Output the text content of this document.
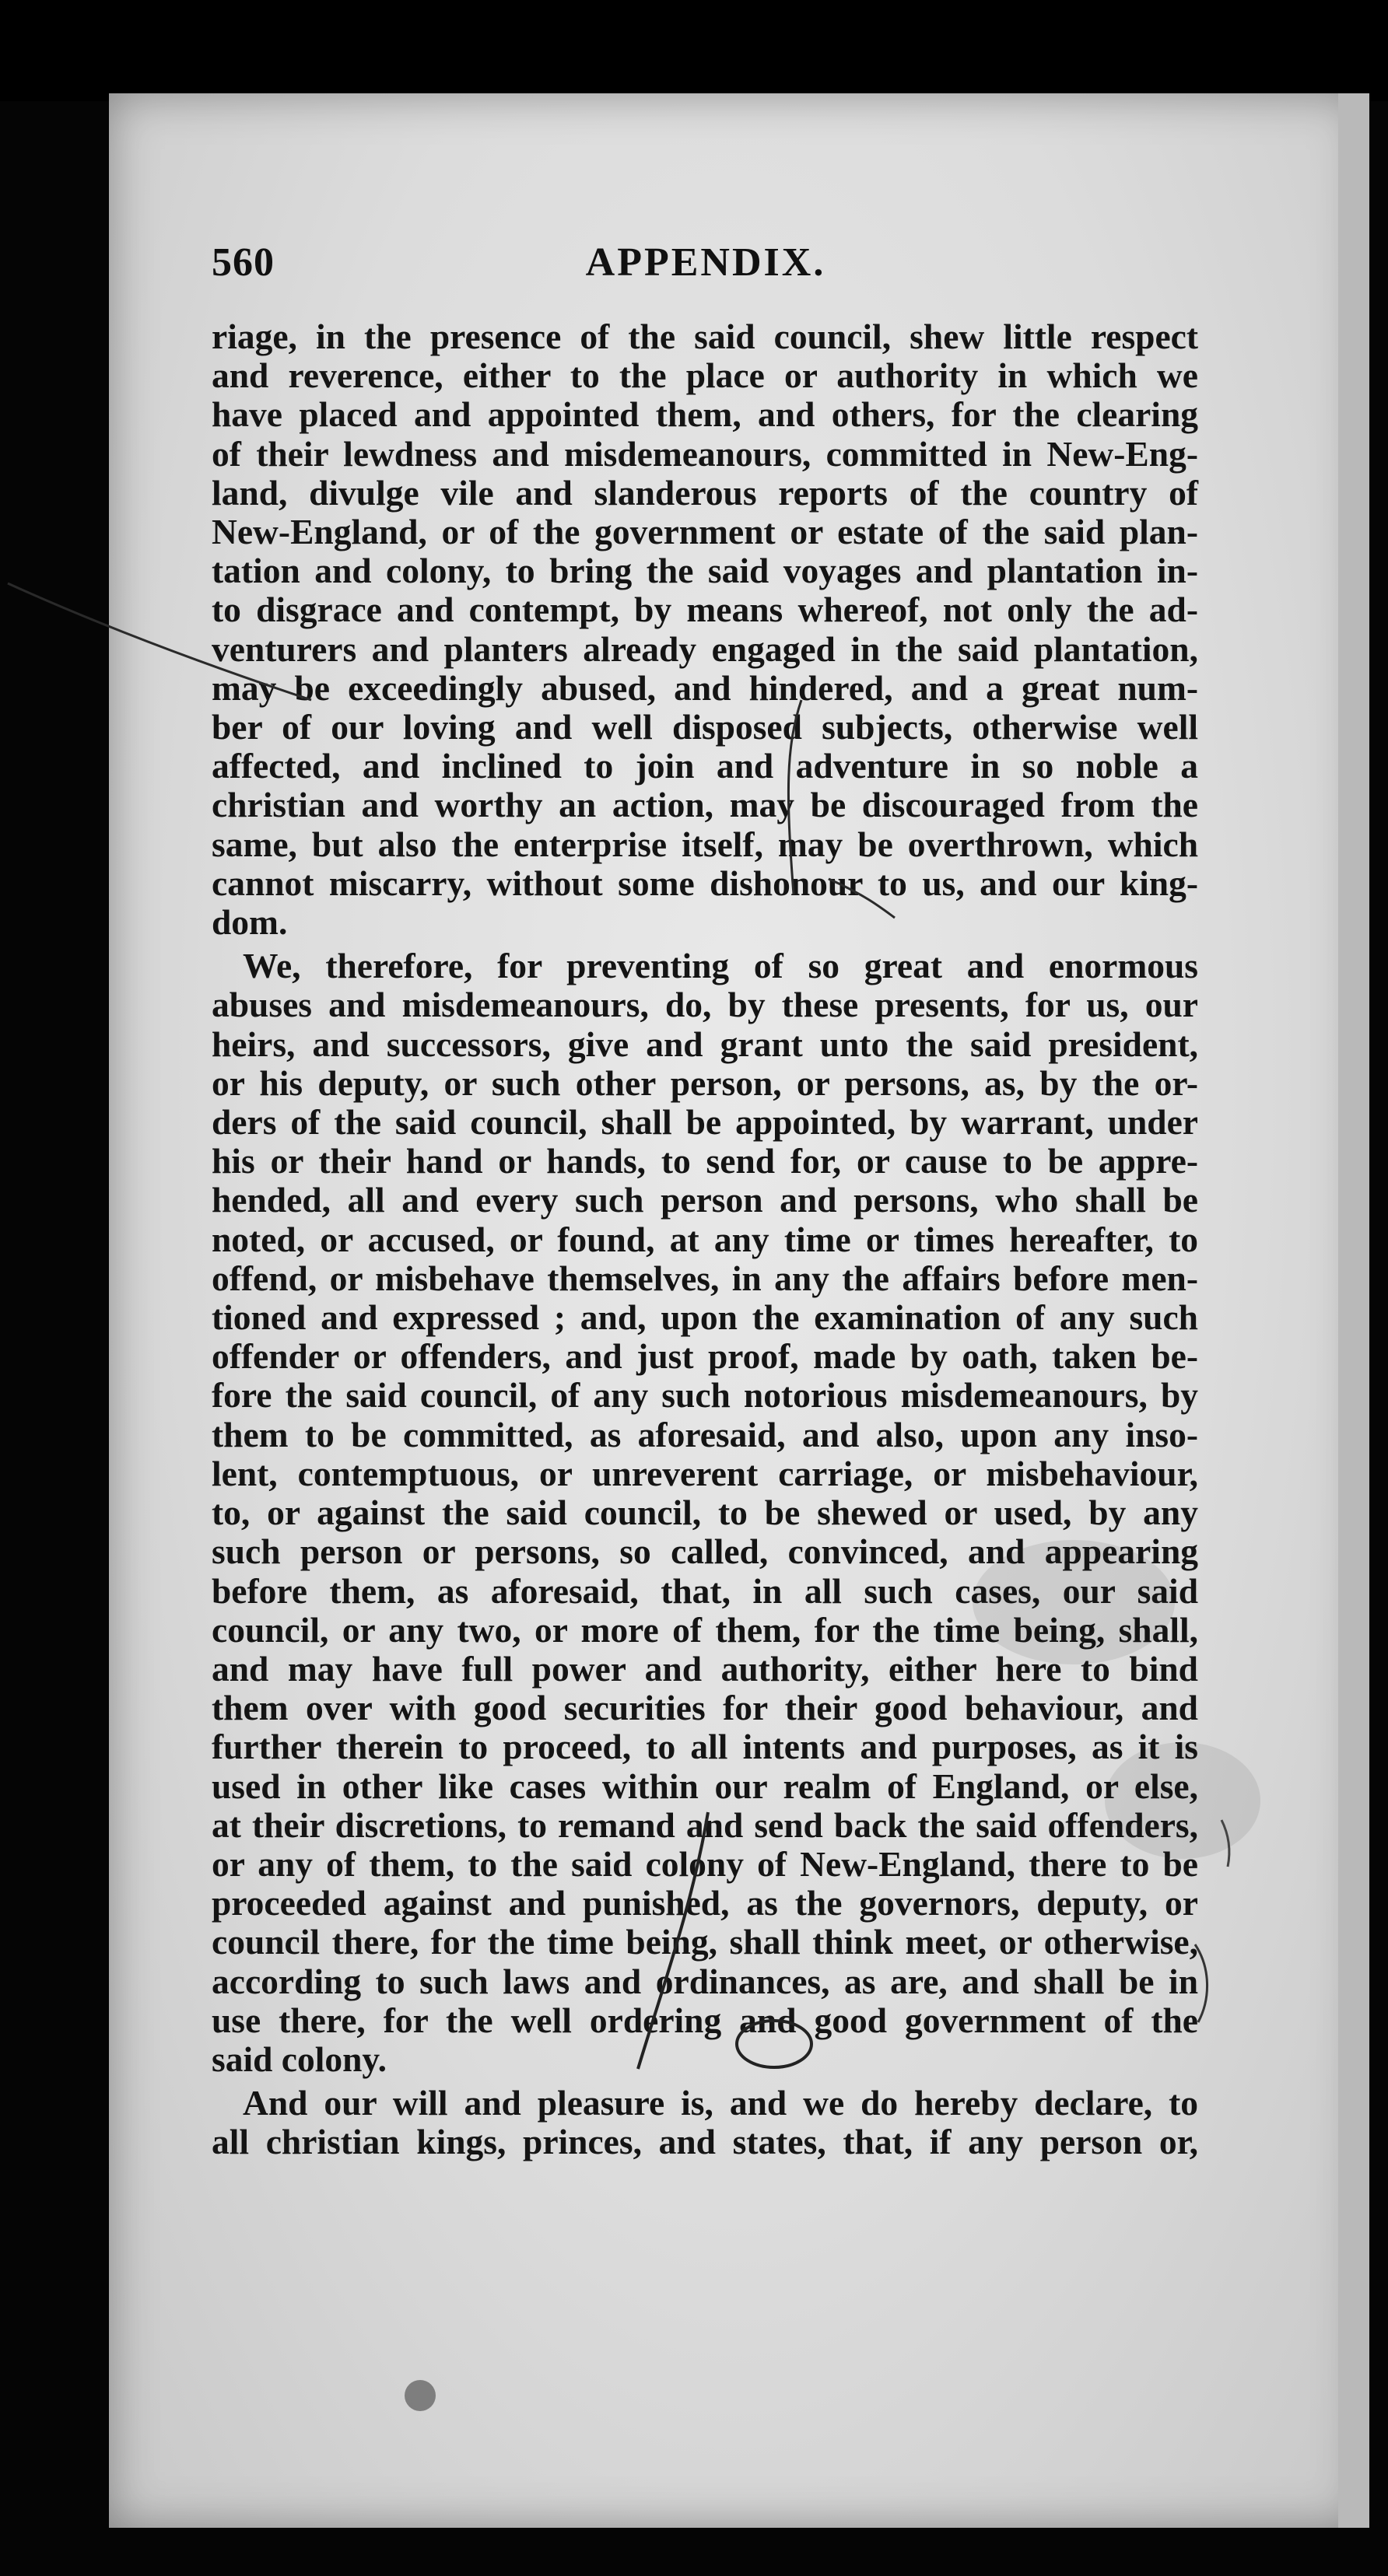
560	APPENDIX.

riage, in the presence of the said council, shew little respect
and reverence, either to the place or authority in which we
have placed and appointed them, and others, for the clearing
of their lewdness and misdemeanours, committed in New-Eng-
land, divulge vile and slanderous reports of the country of
New-England, or of the government or estate of the said plan-
tation and colony, to bring the said voyages and plantation in-
to disgrace and contempt, by means whereof, not only the ad-
venturers and planters already engaged in the said plantation,
may be exceedingly abused, and hindered, and a great num-
ber of our loving and well disposed subjects, otherwise well
affected, and inclined to join and adventure in so noble a
christian and worthy an action, may be discouraged from the
same, but also the enterprise itself, may be overthrown, which
cannot miscarry, without some dishonour to us, and our king-
dom.

We, therefore, for preventing of so great and enormous
abuses and misdemeanours, do, by these presents, for us, our
heirs, and successors, give and grant unto the said president,
or his deputy, or such other person, or persons, as, by the or-
ders of the said council, shall be appointed, by warrant, under
his or their hand or hands, to send for, or cause to be appre-
hended, all and every such person and persons, who shall be
noted, or accused, or found, at any time or times hereafter, to
offend, or misbehave themselves, in any the affairs before men-
tioned and expressed ; and, upon the examination of any such
offender or offenders, and just proof, made by oath, taken be-
fore the said council, of any such notorious misdemeanours, by
them to be committed, as aforesaid, and also, upon any inso-
lent, contemptuous, or unreverent carriage, or misbehaviour,
to, or against the said council, to be shewed or used, by any
such person or persons, so called, convinced, and appearing
before them, as aforesaid, that, in all such cases, our said
council, or any two, or more of them, for the time being, shall,
and may have full power and authority, either here to bind
them over with good securities for their good behaviour, and
further therein to proceed, to all intents and purposes, as it is
used in other like cases within our realm of England, or else,
at their discretions, to remand and send back the said offenders,
or any of them, to the said colony of New-England, there to be
proceeded against and punished, as the governors, deputy, or
council there, for the time being, shall think meet, or otherwise,
according to such laws and ordinances, as are, and shall be in
use there, for the well ordering and good government of the
said colony.

And our will and pleasure is, and we do hereby declare, to
all christian kings, princes, and states, that, if any person or,
